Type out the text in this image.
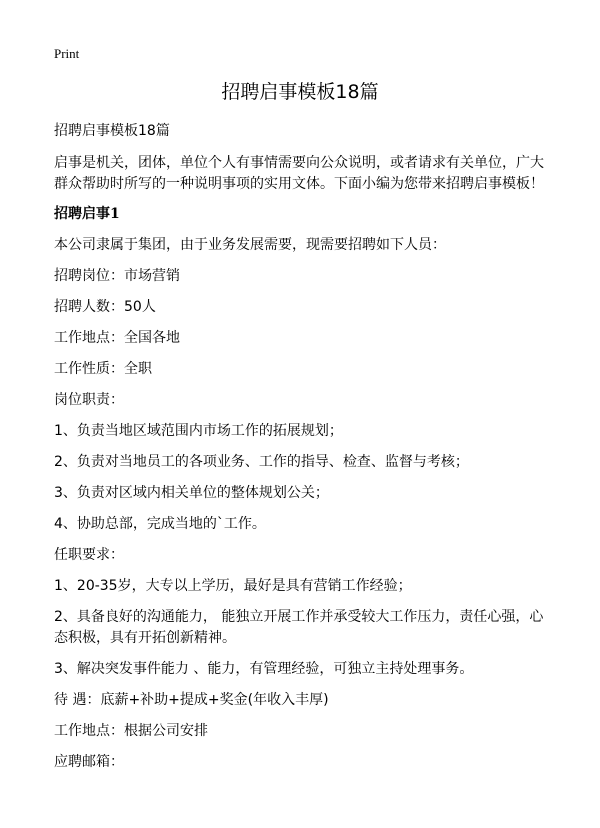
Print
招聘启事模板18篇

招聘启事模板18篇

启事是机关，团体，单位个人有事情需要向公众说明，或者请求有关单位，广大群众帮助时所写的一种说明事项的实用文体。下面小编为您带来招聘启事模板！

招聘启事1

本公司隶属于集团，由于业务发展需要，现需要招聘如下人员：

招聘岗位：市场营销

招聘人数：50人

工作地点：全国各地

工作性质：全职

岗位职责：

1、负责当地区域范围内市场工作的拓展规划；

2、负责对当地员工的各项业务、工作的指导、检查、监督与考核；

3、负责对区域内相关单位的整体规划公关；

4、协助总部，完成当地的`工作。

任职要求：

1、20-35岁，大专以上学历，最好是具有营销工作经验；

2、具备良好的沟通能力， 能独立开展工作并承受较大工作压力，责任心强，心态积极，具有开拓创新精神。

3、解决突发事件能力 、能力，有管理经验，可独立主持处理事务。

待 遇：底薪+补助+提成+奖金(年收入丰厚)

工作地点：根据公司安排

应聘邮箱：
